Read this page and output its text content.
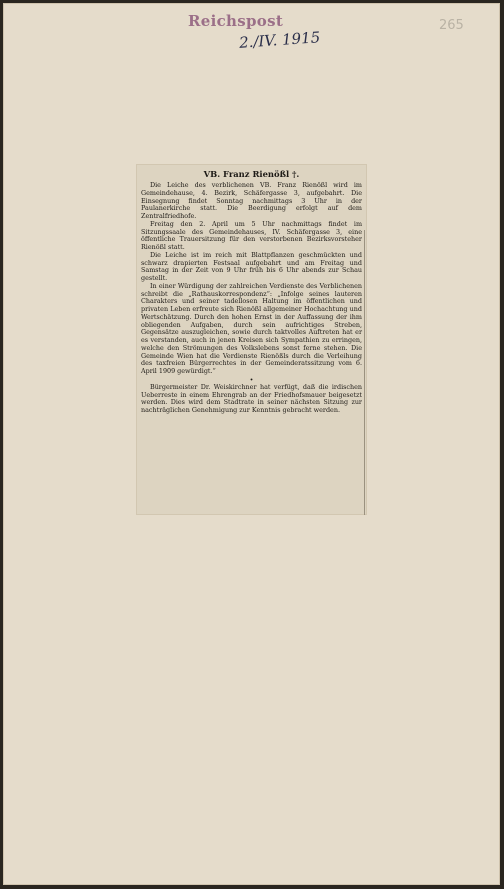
Reichspost
2./IV. 1915
265
VB. Franz Rienößl †.

Die Leiche des verblichenen VB. Franz Rienößl wird im Gemeindehause, 4. Bezirk, Schäfergasse 3, aufgebahrt. Die Einsegnung findet Sonntag nachmittags 3 Uhr in der Paulanerkirche statt. Die Beerdigung erfolgt auf dem Zentralfriedhofe.

Freitag den 2. April um 5 Uhr nachmittags findet im Sitzungssaale des Gemeindehauses, IV. Schäfergasse 3, eine öffentliche Trauersitzung für den verstorbenen Bezirksvorsteher Rienößl statt.

Die Leiche ist im reich mit Blattpflanzen geschmückten und schwarz drapierten Festsaal aufgebahrt und am Freitag und Samstag in der Zeit von 9 Uhr früh bis 6 Uhr abends zur Schau gestellt.

In einer Würdigung der zahlreichen Verdienste des Verblichenen schreibt die „Rathauskorrespondenz“: „Infolge seines lauteren Charakters und seiner tadellosen Haltung im öffentlichen und privaten Leben erfreute sich Rienößl allgemeiner Hochachtung und Wertschätzung. Durch den hohen Ernst in der Auffassung der ihm obliegenden Aufgaben, durch sein aufrichtiges Streben, Gegensätze auszugleichen, sowie durch taktvolles Auftreten hat er es verstanden, auch in jenen Kreisen sich Sympathien zu erringen, welche den Strömungen des Volkslebens sonst ferne stehen. Die Gemeinde Wien hat die Verdienste Rienößls durch die Verleihung des taxfreien Bürgerrechtes in der Gemeinderatssitzung vom 6. April 1909 gewürdigt.“

•

Bürgermeister Dr. Weiskirchner hat verfügt, daß die irdischen Ueberreste in einem Ehrengrab an der Friedhofsmauer beigesetzt werden. Dies wird dem Stadtrate in seiner nächsten Sitzung zur nachträglichen Genehmigung zur Kenntnis gebracht werden.
